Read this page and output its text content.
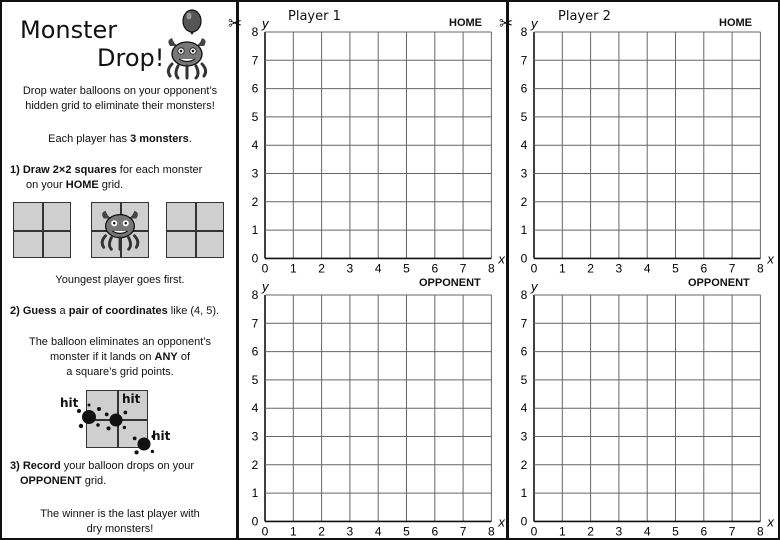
Monster
Drop!
Drop water balloons on your opponent’s
hidden grid to eliminate their monsters!
Each player has 3 monsters.
1) Draw 2×2 squares for each monster
on your HOME grid.
Youngest player goes first.
2) Guess a pair of coordinates like (4, 5).
The balloon eliminates an opponent’s
monster if it lands on ANY of
a square’s grid points.
hit	hit
hit
3) Record your balloon drops on your
OPPONENT grid.
The winner is the last player with
dry monsters!
✂	Player 1	HOME
OPPONENT
✂	Player 2	HOME
OPPONENT
0 1 2 3 4 5 6 7 8
0
1
2
3
4
5
6
7
8
x
y
0 1 2 3 4 5 6 7 8
0
1
2
3
4
5
6
7
8
x
y
0 1 2 3 4 5 6 7 8
0
1
2
3
4
5
6
7
8
x
y
0 1 2 3 4 5 6 7 8
0
1
2
3
4
5
6
7
8
x
y
